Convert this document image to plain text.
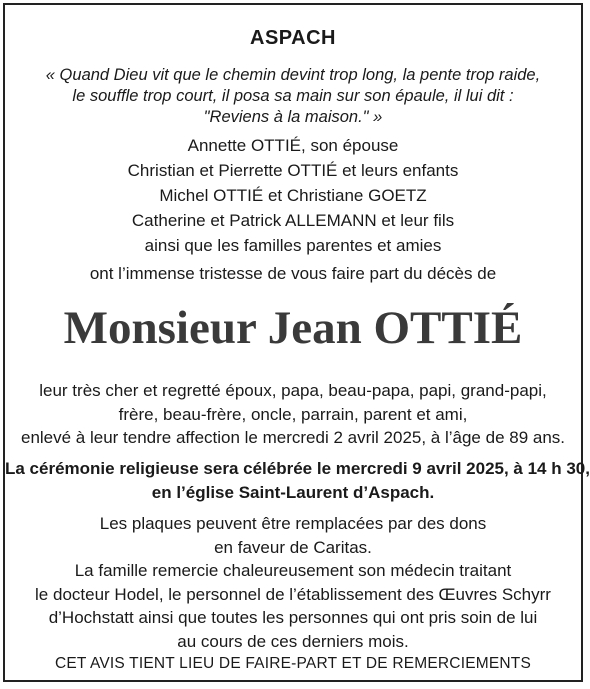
ASPACH
« Quand Dieu vit que le chemin devint trop long, la pente trop raide,
le souffle trop court, il posa sa main sur son épaule, il lui dit :
"Reviens à la maison." »
Annette OTTIÉ, son épouse
Christian et Pierrette OTTIÉ et leurs enfants
Michel OTTIÉ et Christiane GOETZ
Catherine et Patrick ALLEMANN et leur fils
ainsi que les familles parentes et amies
ont l’immense tristesse de vous faire part du décès de
Monsieur Jean OTTIÉ
leur très cher et regretté époux, papa, beau-papa, papi, grand-papi,
frère, beau-frère, oncle, parrain, parent et ami,
enlevé à leur tendre affection le mercredi 2 avril 2025, à l’âge de 89 ans.
La cérémonie religieuse sera célébrée le mercredi 9 avril 2025, à 14 h 30,
en l’église Saint-Laurent d’Aspach.
Les plaques peuvent être remplacées par des dons
en faveur de Caritas.
La famille remercie chaleureusement son médecin traitant
le docteur Hodel, le personnel de l’établissement des Œuvres Schyrr
d’Hochstatt ainsi que toutes les personnes qui ont pris soin de lui
au cours de ces derniers mois.
CET AVIS TIENT LIEU DE FAIRE-PART ET DE REMERCIEMENTS
